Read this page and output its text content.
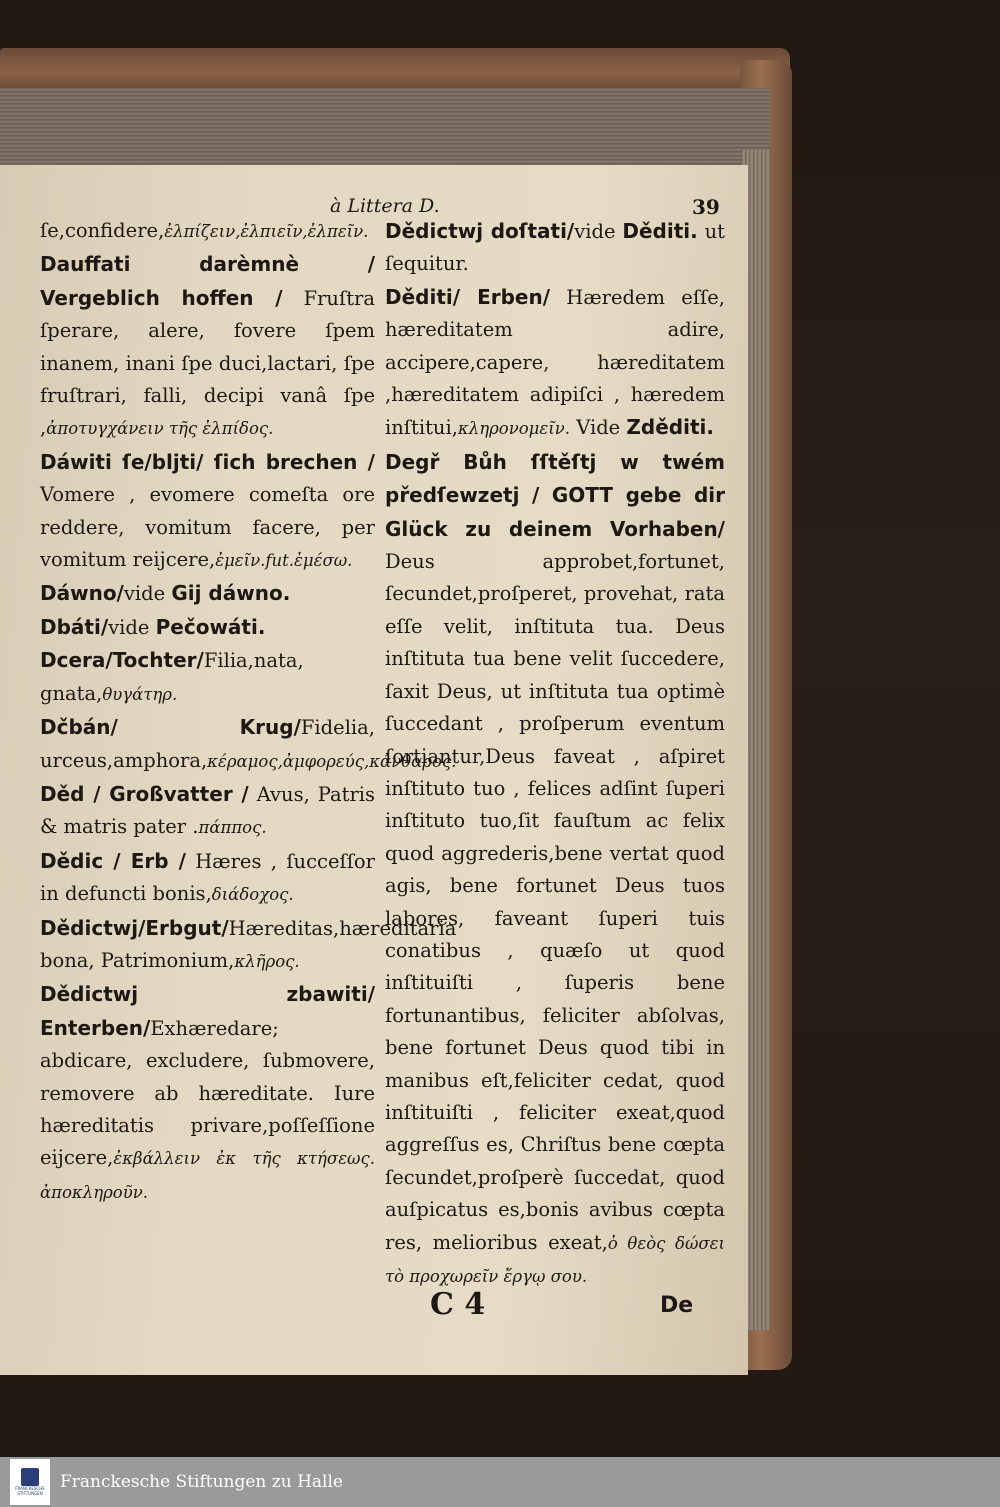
à Littera D.	39

ſe,confidere,ἐλπίζειν,ἐλπιεῖν,ἐλπεῖν.

Dauffati darèmnè / Vergeblich hoffen / Fruſtra ſperare, alere, fovere ſpem inanem, inani ſpe duci,lactari, ſpe fruſtrari, falli, decipi vanâ ſpe ,ἀποτυγχάνειν τῆς ἐλπίδος.

Dáwiti ſe/bljti/ ſich brechen / Vomere , evomere comeſta ore reddere, vomitum facere, per vomitum reijcere,ἐμεῖν.fut.ἐμέσω.

Dáwno/vide Gij dáwno.

Dbáti/vide Pečowáti.

Dcera/Tochter/Filia,nata, gnata,θυγάτηρ.

Dčbán/ Krug/Fidelia, urceus,amphora,κέραμος,ἀμφορεύς,κάνθαρος.

Děd / Großvatter / Avus, Patris & matris pater .πάππος.

Dědic / Erb / Hæres , ſucceſſor in defuncti bonis,διάδοχος.

Dědictwj/Erbgut/Hæreditas,hæreditaria bona, Patrimonium,κλῆρος.

Dědictwj zbawiti/ Enterben/Exhæredare; abdicare, excludere, ſubmovere, removere ab hæreditate. Iure hæreditatis privare,poſſeſſione eijcere,ἐκβάλλειν ἐκ τῆς κτήσεως. ἀποκληροῦν.

Dědictwj doſtati/vide Děditi. ut ſequitur.

Děditi/ Erben/ Hæredem eſſe, hæreditatem adire, accipere,capere, hæreditatem ,hæreditatem adipiſci , hæredem inſtitui,κληρονομεῖν. Vide Zděditi.

Degř Bůh ſſtěſtj w twém předſewzetj / GOTT gebe dir Glück zu deinem Vorhaben/ Deus approbet,fortunet, ſecundet,proſperet, provehat, rata eſſe velit, inſtituta tua. Deus inſtituta tua bene velit ſuccedere, ſaxit Deus, ut inſtituta tua optimè ſuccedant , proſperum eventum ſortiantur,Deus faveat , aſpiret inſtituto tuo , felices adſint ſuperi inſtituto tuo,ſit fauſtum ac felix quod aggrederis,bene vertat quod agis, bene fortunet Deus tuos labores, faveant ſuperi tuis conatibus , quæſo ut quod inſtituiſti , ſuperis bene fortunantibus, feliciter abſolvas, bene fortunet Deus quod tibi in manibus eſt,feliciter cedat, quod inſtituiſti , feliciter exeat,quod aggreſſus es, Chriſtus bene cœpta ſecundet,proſperè ſuccedat, quod auſpicatus es,bonis avibus cœpta res, melioribus exeat,ὁ θεὸς δώσει τὸ προχωρεῖν ἔργῳ σου.

C 4	De
FRANCKESCHE STIFTUNGEN
Franckesche Stiftungen zu Halle
